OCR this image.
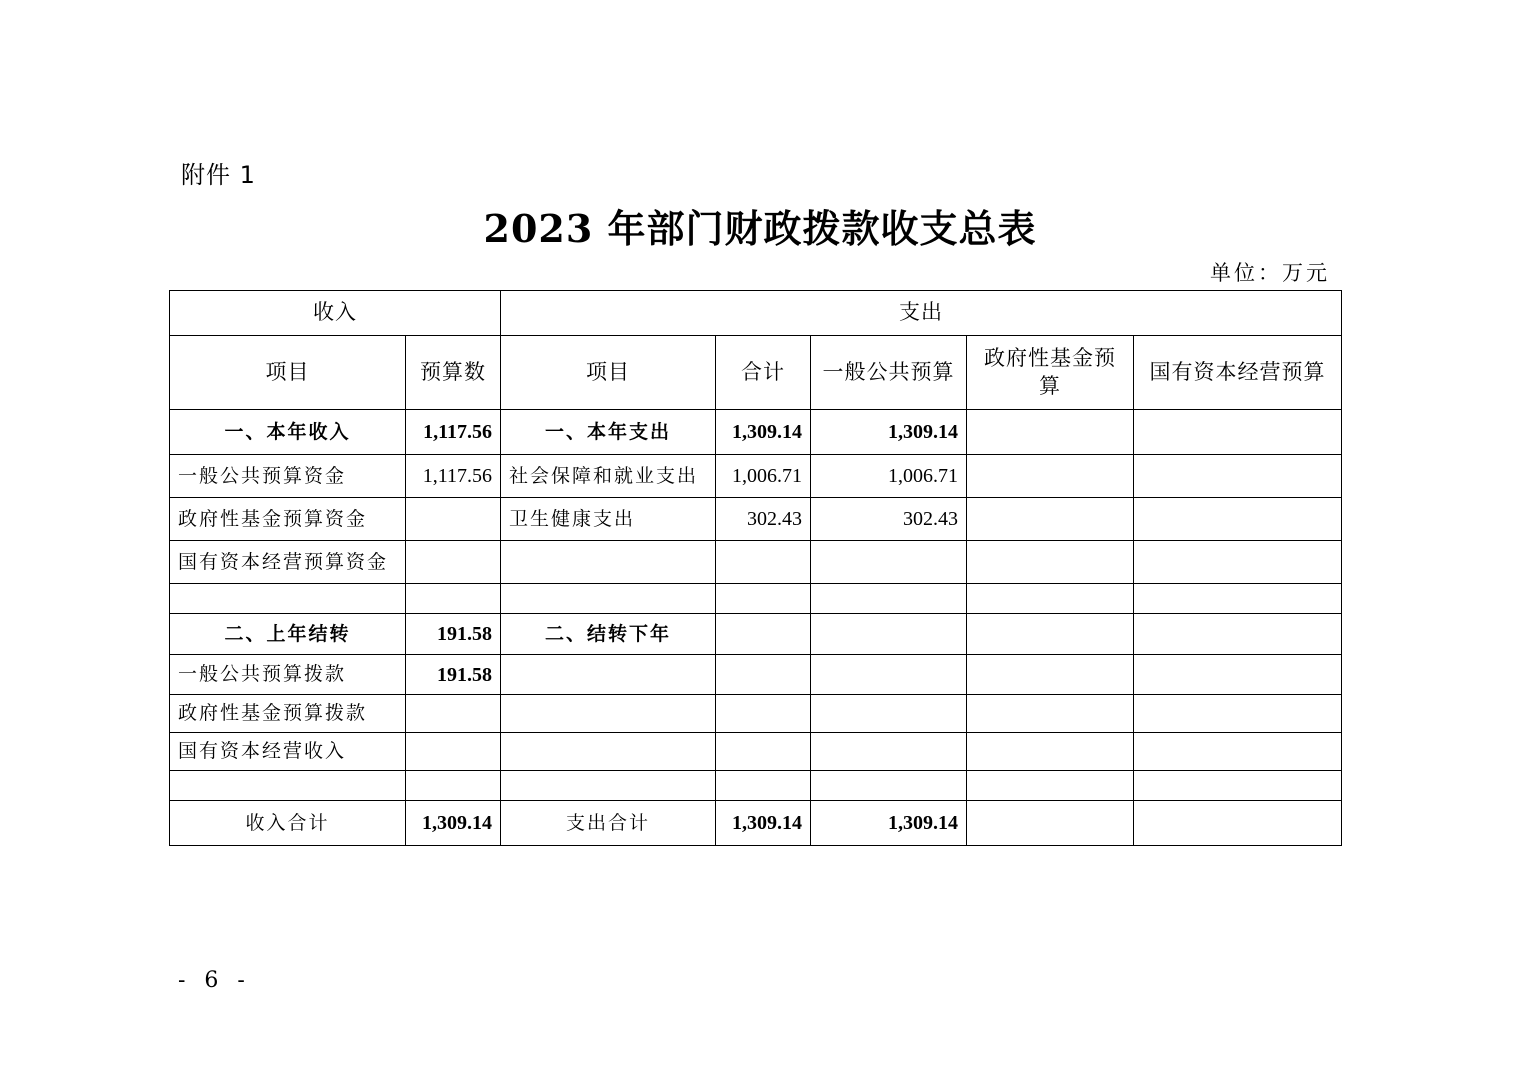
附件 1
2023 年部门财政拨款收支总表
单位：万元
收入		支出				
项目	预算数	项目	合计	一般公共预算	政府性基金预算	国有资本经营预算
一、本年收入	1,117.56	一、本年支出	1,309.14	1,309.14		
一般公共预算资金	1,117.56	社会保障和就业支出	1,006.71	1,006.71		
政府性基金预算资金		卫生健康支出	302.43	302.43		
国有资本经营预算资金						

二、上年结转	191.58	二、结转下年				
一般公共预算拨款	191.58					
政府性基金预算拨款						
国有资本经营收入						

收入合计	1,309.14	支出合计	1,309.14	1,309.14		
- 6 -
